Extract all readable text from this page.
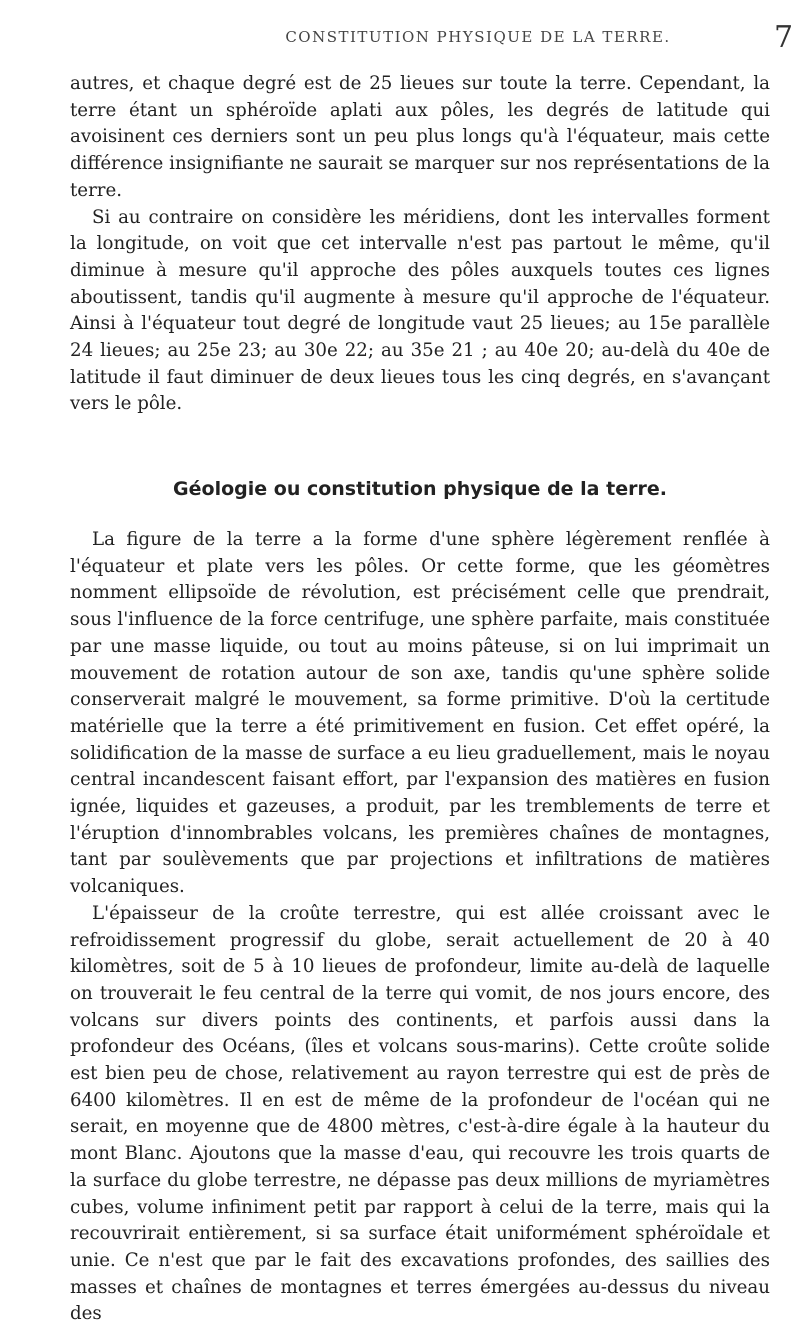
CONSTITUTION PHYSIQUE DE LA TERRE.	7

autres, et chaque degré est de 25 lieues sur toute la terre. Cependant, la terre étant un sphéroïde aplati aux pôles, les degrés de latitude qui avoisinent ces derniers sont un peu plus longs qu'à l'équateur, mais cette différence insignifiante ne saurait se marquer sur nos représentations de la terre.

Si au contraire on considère les méridiens, dont les intervalles forment la longitude, on voit que cet intervalle n'est pas partout le même, qu'il diminue à mesure qu'il approche des pôles auxquels toutes ces lignes aboutissent, tandis qu'il augmente à mesure qu'il approche de l'équateur. Ainsi à l'équateur tout degré de longitude vaut 25 lieues; au 15e parallèle 24 lieues; au 25e 23; au 30e 22; au 35e 21 ; au 40e 20; au-delà du 40e de latitude il faut diminuer de deux lieues tous les cinq degrés, en s'avançant vers le pôle.

Géologie ou constitution physique de la terre.

La figure de la terre a la forme d'une sphère légèrement renflée à l'équateur et plate vers les pôles. Or cette forme, que les géomètres nomment ellipsoïde de révolution, est précisément celle que prendrait, sous l'influence de la force centrifuge, une sphère parfaite, mais constituée par une masse liquide, ou tout au moins pâteuse, si on lui imprimait un mouvement de rotation autour de son axe, tandis qu'une sphère solide conserverait malgré le mouvement, sa forme primitive. D'où la certitude matérielle que la terre a été primitivement en fusion. Cet effet opéré, la solidification de la masse de surface a eu lieu graduellement, mais le noyau central incandescent faisant effort, par l'expansion des matières en fusion ignée, liquides et gazeuses, a produit, par les tremblements de terre et l'éruption d'innombrables volcans, les premières chaînes de montagnes, tant par soulèvements que par projections et infiltrations de matières volcaniques.

L'épaisseur de la croûte terrestre, qui est allée croissant avec le refroidissement progressif du globe, serait actuellement de 20 à 40 kilomètres, soit de 5 à 10 lieues de profondeur, limite au-delà de laquelle on trouverait le feu central de la terre qui vomit, de nos jours encore, des volcans sur divers points des continents, et parfois aussi dans la profondeur des Océans, (îles et volcans sous-marins). Cette croûte solide est bien peu de chose, relativement au rayon terrestre qui est de près de 6400 kilomètres. Il en est de même de la profondeur de l'océan qui ne serait, en moyenne que de 4800 mètres, c'est-à-dire égale à la hauteur du mont Blanc. Ajoutons que la masse d'eau, qui recouvre les trois quarts de la surface du globe terrestre, ne dépasse pas deux millions de myriamètres cubes, volume infiniment petit par rapport à celui de la terre, mais qui la recouvrirait entièrement, si sa surface était uniformément sphéroïdale et unie. Ce n'est que par le fait des excavations profondes, des saillies des masses et chaînes de montagnes et terres émergées au-dessus du niveau des
